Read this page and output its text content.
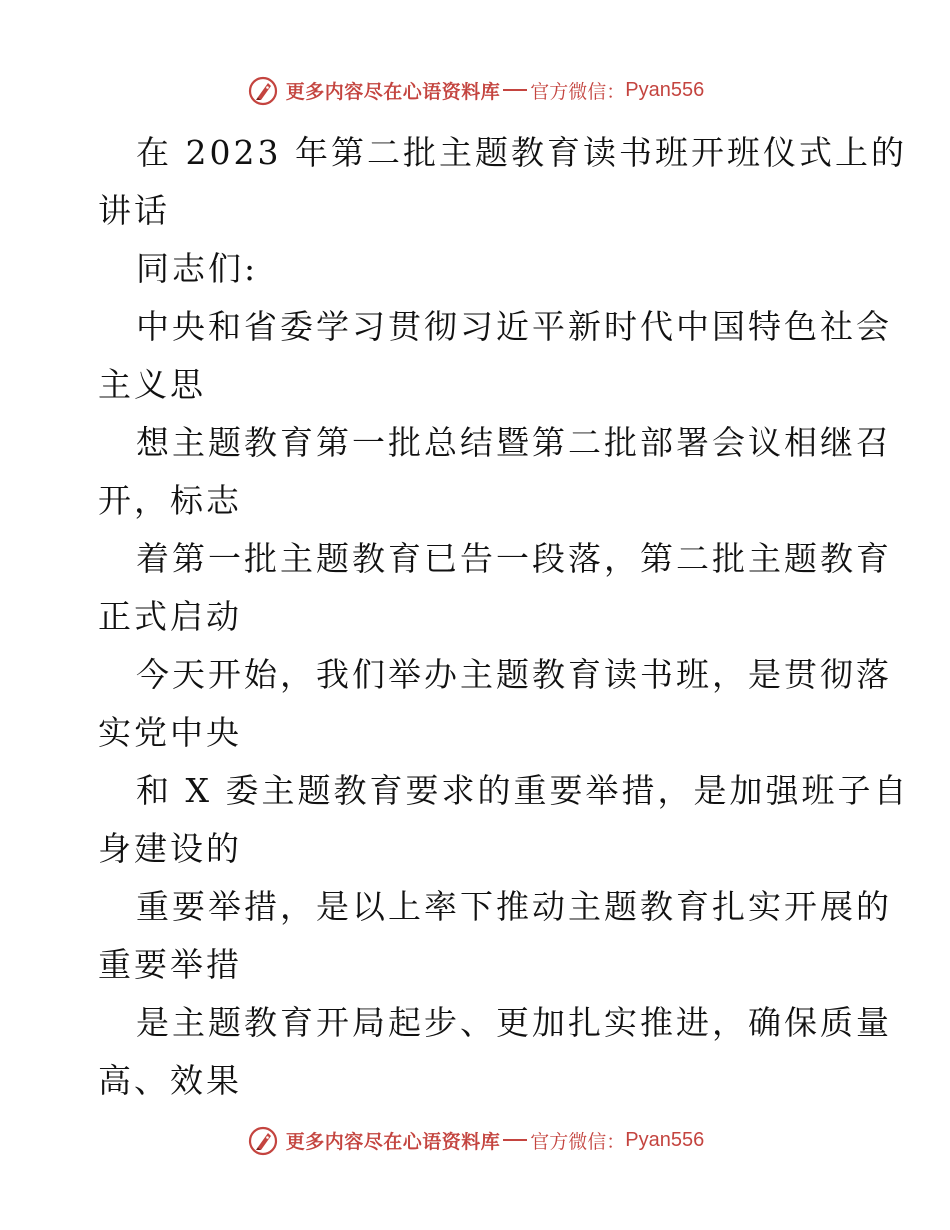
更多内容尽在心语资料库 官方微信： Pyan556
在 2023 年第二批主题教育读书班开班仪式上的
讲话
同志们:
中央和省委学习贯彻习近平新时代中国特色社会
主义思
想主题教育第一批总结暨第二批部署会议相继召
开，标志
着第一批主题教育已告一段落，第二批主题教育
正式启动
今天开始，我们举办主题教育读书班，是贯彻落
实党中央
和 X 委主题教育要求的重要举措，是加强班子自
身建设的
重要举措，是以上率下推动主题教育扎实开展的
重要举措
是主题教育开局起步、更加扎实推进，确保质量
高、效果
更多内容尽在心语资料库 官方微信： Pyan556
